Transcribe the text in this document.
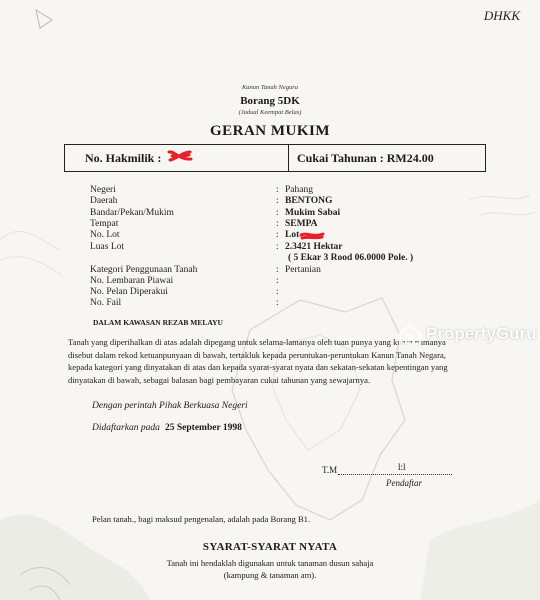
DHKK
Kanun Tanah Negara
Borang 5DK
(Jadual Keempat Belas)
GERAN MUKIM
No. Hakmilik :	Cukai Tahunan : RM24.00
Negeri	: Pahang
Daerah	: BENTONG
Bandar/Pekan/Mukim	: Mukim Sabai
Tempat	: SEMPA
No. Lot	: Lot
Luas Lot	: 2.3421 Hektar
( 5 Ekar 3 Rood 06.0000 Pole. )
Kategori Penggunaan Tanah	: Pertanian
No. Lembaran Piawai	:
No. Pelan Diperakui	:
No. Fail	:
DALAM KAWASAN REZAB MELAYU
Tanah yang diperihalkan di atas adalah dipegang untuk selama-lamanya oleh tuan punya yang kuasa namanya
disebut dalam rekod ketuanpunyaan di bawah, tertakluk kepada peruntukan-peruntukan Kanun Tanah Negara,
kepada kategori yang dinyatakan di atas dan kepada syarat-syarat nyata dan sekatan-sekatan kepentingan yang
dinyatakan di bawah, sebagai balasan bagi pembayaran cukai tahunan yang sewajarnya.
PropertyGuru
Dengan perintah Pihak Berkuasa Negeri
Didaftarkan pada 25 September 1998
T.M	l:l
Pendaftar
Pelan tanah., bagi maksud pengenalan, adalah pada Borang B1.
SYARAT-SYARAT NYATA
Tanah ini hendaklah digunakan untuk tanaman dusun sahaja
(kampung & tanaman am).
